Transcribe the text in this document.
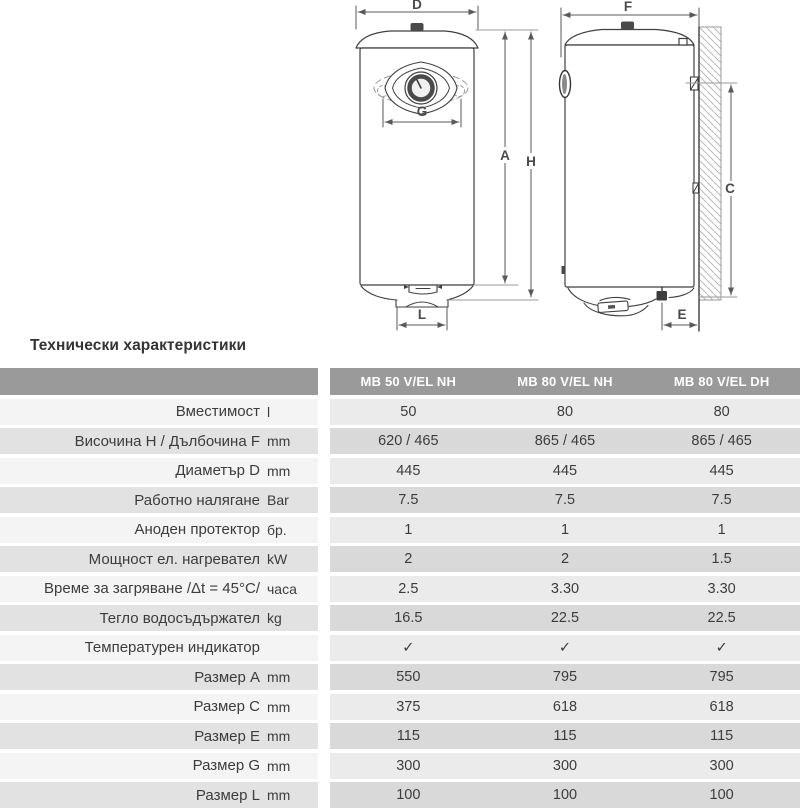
D
G
A H
L
F
C
E
Технически характеристики
MB 50 V/EL NH	MB 80 V/EL NH	MB 80 V/EL DH
Вместимост l	50	80	80
Височина H / Дълбочина F mm	620 / 465	865 / 465	865 / 465
Диаметър D mm	445	445	445
Работно налягане Bar	7.5	7.5	7.5
Аноден протектор бр.	1	1	1
Мощност ел. нагревател kW	2	2	1.5
Време за загряване /Δt = 45°C/ часа	2.5	3.30	3.30
Тегло водосъдържател kg	16.5	22.5	22.5
Температурен индикатор	✓	✓	✓
Размер A mm	550	795	795
Размер C mm	375	618	618
Размер E mm	115	115	115
Размер G mm	300	300	300
Размер L mm	100	100	100
